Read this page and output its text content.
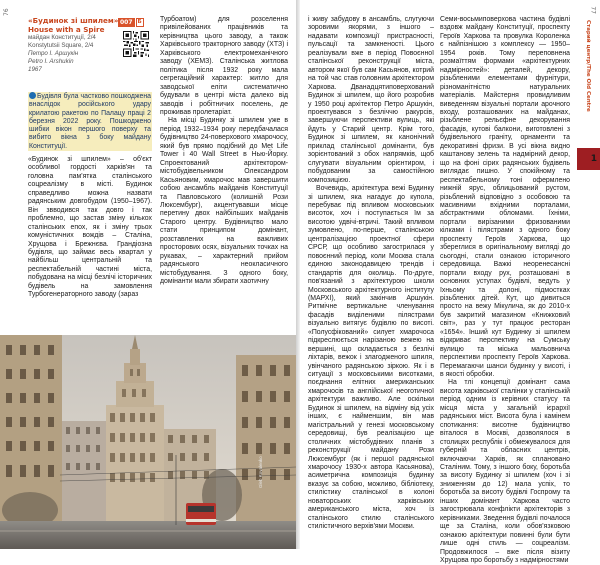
76
«Будинок зі шпилем»
House with a Spire
майдан Конституції, 2/4
Konstytutsii Square, 2/4
Петро І. Аршукін
Petro I. Arshukin
1967
007 Б
Будівля була частково пошкоджена внаслідок російського удару крилатою ракетою по Палацу праці 2 березня 2022 року. Пошкоджено шибки вікон першого поверху та вибито вікна з боку майдану Конституції.

«Будинок зі шпилем» – об'єкт особливої гордості харків'ян та головна пам'ятка сталінського соцреалізму в місті. Будинок справедливо можна назвати радянським довгобудом (1950–1967). Він звводився так довго і так проблемно, що застав зміну кількох сталінських епох, як і зміну трьох комуністичних вождів – Сталіна, Хрущова і Брежнєва. Грандіозна будівля, що займає весь квартал у найбільш центральній та респектабельній частині міста, побудована на місці безлічі історичних будівель на замовлення Турбогенераторного заводу (зараз

Турбоатом) для розселення привілейованих працівників та керівництва цього заводу, а також Харківського тракторного заводу (ХТЗ) і Харківського електромеханічного заводу (ХЕМЗ). Сталінська житлова політика після 1932 року мала сегрегаційний характер: житло для заводської еліти систематично будували в центрі міста далеко від заводів і робітничих поселень, де проживав пролетаріат.

На місці Будинку зі шпилем уже в період 1932–1934 року передбачалася будівництво 24-поверхового хмарочосу, який був прямо подібний до Met Life Tower і 40 Wall Street в Нью-Йорку. Спроектований архітектором-містобудівельником Олександром Касьяновим, хмарочос мав завершити собою ансамбль майданів Конституції та Павловського (колишній Рози Люксембург), акцентувавши місце перетину двох найбільших майданів Старого центру. Будівництво мало стати принципом домінант, розставлених на важливих просторових осях, візуальних точках на рукавах, – характерний прийом радянського неокласичного містобудування. З одного боку, домінанти мали збирати хаотичну

Gleb Kovalenko
77

і живу забудову в ансамбль, слугуючи зоровими якорями, з іншого – надавати композиції пристрасності, пульсації та замкненості. Цього реалізували вже в період Повоєнної сталінської реконструкції міста, автором якої був сам Касьянов, котрий на той час став головним архітектором Харкова. Дванадцятиповерхований Будинок зі шпилем, що його розробив у 1950 році архітектор Петро Аршукін, проектувався з безліччю ракурсів, завершуючи перспективи вулиць, які йдуть у Старий центр. Крім того, Будинок зі шпилем, як канонічний приклад сталінської домінанти, був зорієнтований з обох напрямків, щоб слугувати візуальним орієнтиром, і побудованим за самостійною композицією.

Вочевидь, архітектура вежі Будинку зі шпилем, яка нагадує до купола, перебуває під впливом московських висоток, хоч і поступається їм за висотою удвічі-втричі. Такий впливом зумовлено, по-перше, сталінською централізацією проектної сфери СРСР, що особливо загострилася у повоєнний період, коли Москва стала єдиною законодавицею трендів і стандартів для околиць. По-друге, пов'язаний з архітектурою школи Московського архітектурного інституту (МАРХІ), який закінчив Аршукін. Ритмічне вертикальне членування фасадів виділеними пілястрами візуально витягує будівлю по висоті. «Полусфікований» силует хмарочоса підкреслюється нарізаною вежею на вершині, що складається з безлічі ліхтарів, вежок і злагодженого шпиля, увінчаного радянською зіркою. Як і в ситуації з московськими висотками, поєднання елітних американських хмарочосів та англійської неоготичної архітектури важливо. Але оскільки Будинок зі шпилем, на відміну від усіх інших, є найменшим, він мав магістральний у генезі московському середовищі, був реалізацією ще столичних містобудівних планів з реконструкції майдану Рози Люксембург (як і першої радянської хмарочосу 1930-х автора Касьянова), асиметрична композиція будинку вказує за собою, можливо, бібліотеку, стилістику сталінської в колоні новаторських харківських американського міста, хоч із сталінського стилю сталінського стилістичного верхів'ями Москви.

Семи-восьмиповерхова частина будівлі вздовж майдану Конституції, проспекту Героїв Харкова та провулка Короленка є найпізнішою з комплексу — 1950–1954 років. Тому переповнена розмаїттям формами «архітектурних надмірностей»: деталей, декору, різьбленими елементами фурнітури, різноманітністю натуральних матеріалів. Майстерня провидливим виведенням візуальні портали арочного входу, розташованих на майданах, різьблене рельєфне декорування фасадів, кутові балкони, виготовлені з будівельного граніту, орнаменти та декоративні фризи. В усі вікна видно каштанову зелень та надмірний декор, що на фоні сірих радянських будівель виглядає пишно. У спокійному та респектабельному тоні офермлено нижній ярус, облицьований рустом, різьблений відповідно з особовою та масивними вхідними порталами, абстрактними обломами. Їхніми, портали вирізаними фризованими кілками і пілястрами з одного боку проспекту Героїв Харкова, що збереглися в оригінальному вигляді до сьогодні, стали ознакою історичного середовища. Важкі неоренесансні портали входу рух, розташовані в основних уступах будівлі, ведуть у їхньому та долоні, підмостках різьблених дітей. Кут, що дивиться просто на вежу Мікулича, як до 2010-х був закритий магазином «Книжковий світ», раз у тут працює ресторан «1654». Інший кут Будинку зі шпилем відкриває перспективу на Сумську вулицю та міська мальовнича перспективи проспекту Героїв Харкова. Перемагаючи шанси будинку у висоті, і в якості обробки.

На тлі концепції домінант сама висота харківської сталінки у сталінській період одним із керівних статусу та місця міста у загальній ієрархії радянських міст. Висота була і камінем спотикання: висотне будівництво віталося в Москві, дозволялося в столицях республік і обмежувалося для губерній та обласних центрів, включаючи Харків, як сплановано Сталіним. Тому, з іншого боку, боротьба за висоту Будинку зі шпилем (хоч і зі зниженням до 12) мала успіх, то боротьба за висоту будівлі Госпрому та інших домінант Харкова часто загострювала конфлікти архітекторів з керівниками. Зведення будівлі почалося ще за Сталіна, коли обов'язковою ознакою архітектури повинні були бути лише одні стиль — соцреалізм. Продовжилося – вже після візиту Хрущова про боротьбу з надмірностями

Старий центр/The Old Centre
1
